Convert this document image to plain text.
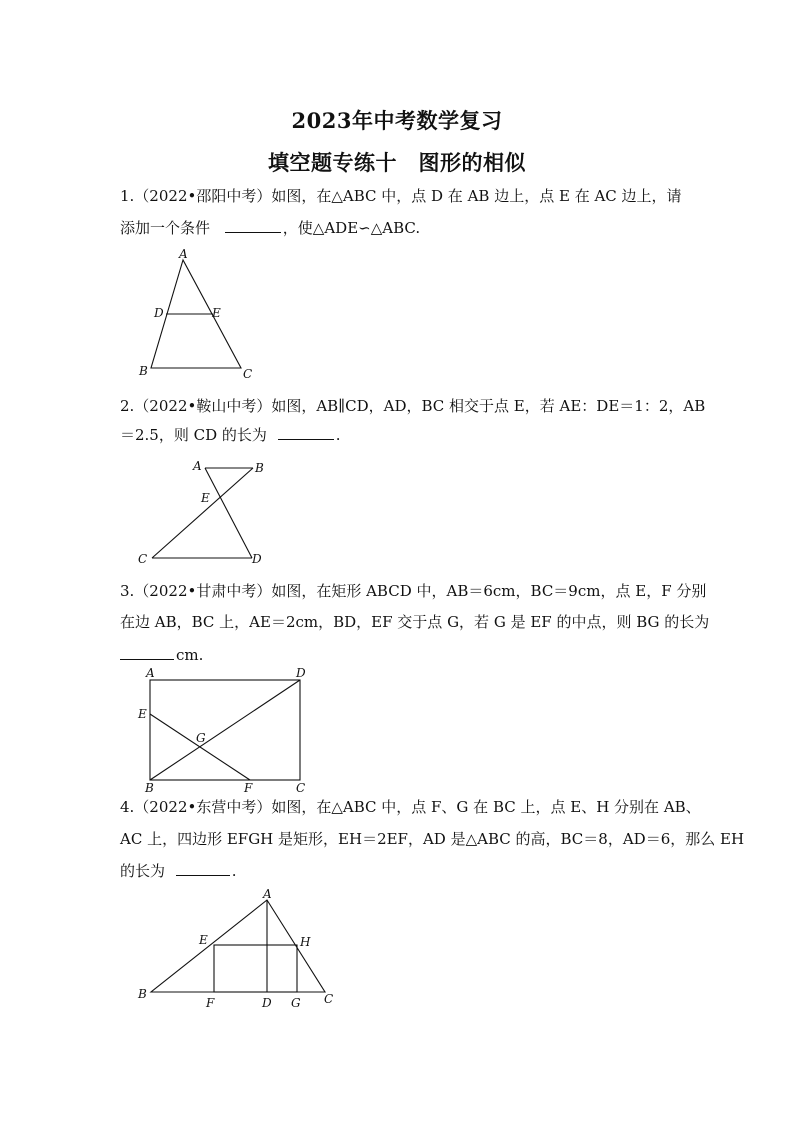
2023年中考数学复习
填空题专练十　图形的相似
1.（2022•邵阳中考）如图，在△ABC 中，点 D 在 AB 边上，点 E 在 AC 边上，请
添加一个条件	，使△ADE∽△ABC.
A
B	C
D	E
2.（2022•鞍山中考）如图，AB∥CD，AD，BC 相交于点 E，若 AE：DE＝1：2，AB
＝2.5，则 CD 的长为	.
A	B
C	D
E
3.（2022•甘肃中考）如图，在矩形 ABCD 中，AB＝6cm，BC＝9cm，点 E，F 分别
在边 AB，BC 上，AE＝2cm，BD，EF 交于点 G，若 G 是 EF 的中点，则 BG 的长为
cm.
A
B	C
D
E
F
G
4.（2022•东营中考）如图，在△ABC 中，点 F、G 在 BC 上，点 E、H 分别在 AB、
AC 上，四边形 EFGH 是矩形，EH＝2EF，AD 是△ABC 的高，BC＝8，AD＝6，那么 EH
的长为	.
A
B	C
D
E
F	G
H
